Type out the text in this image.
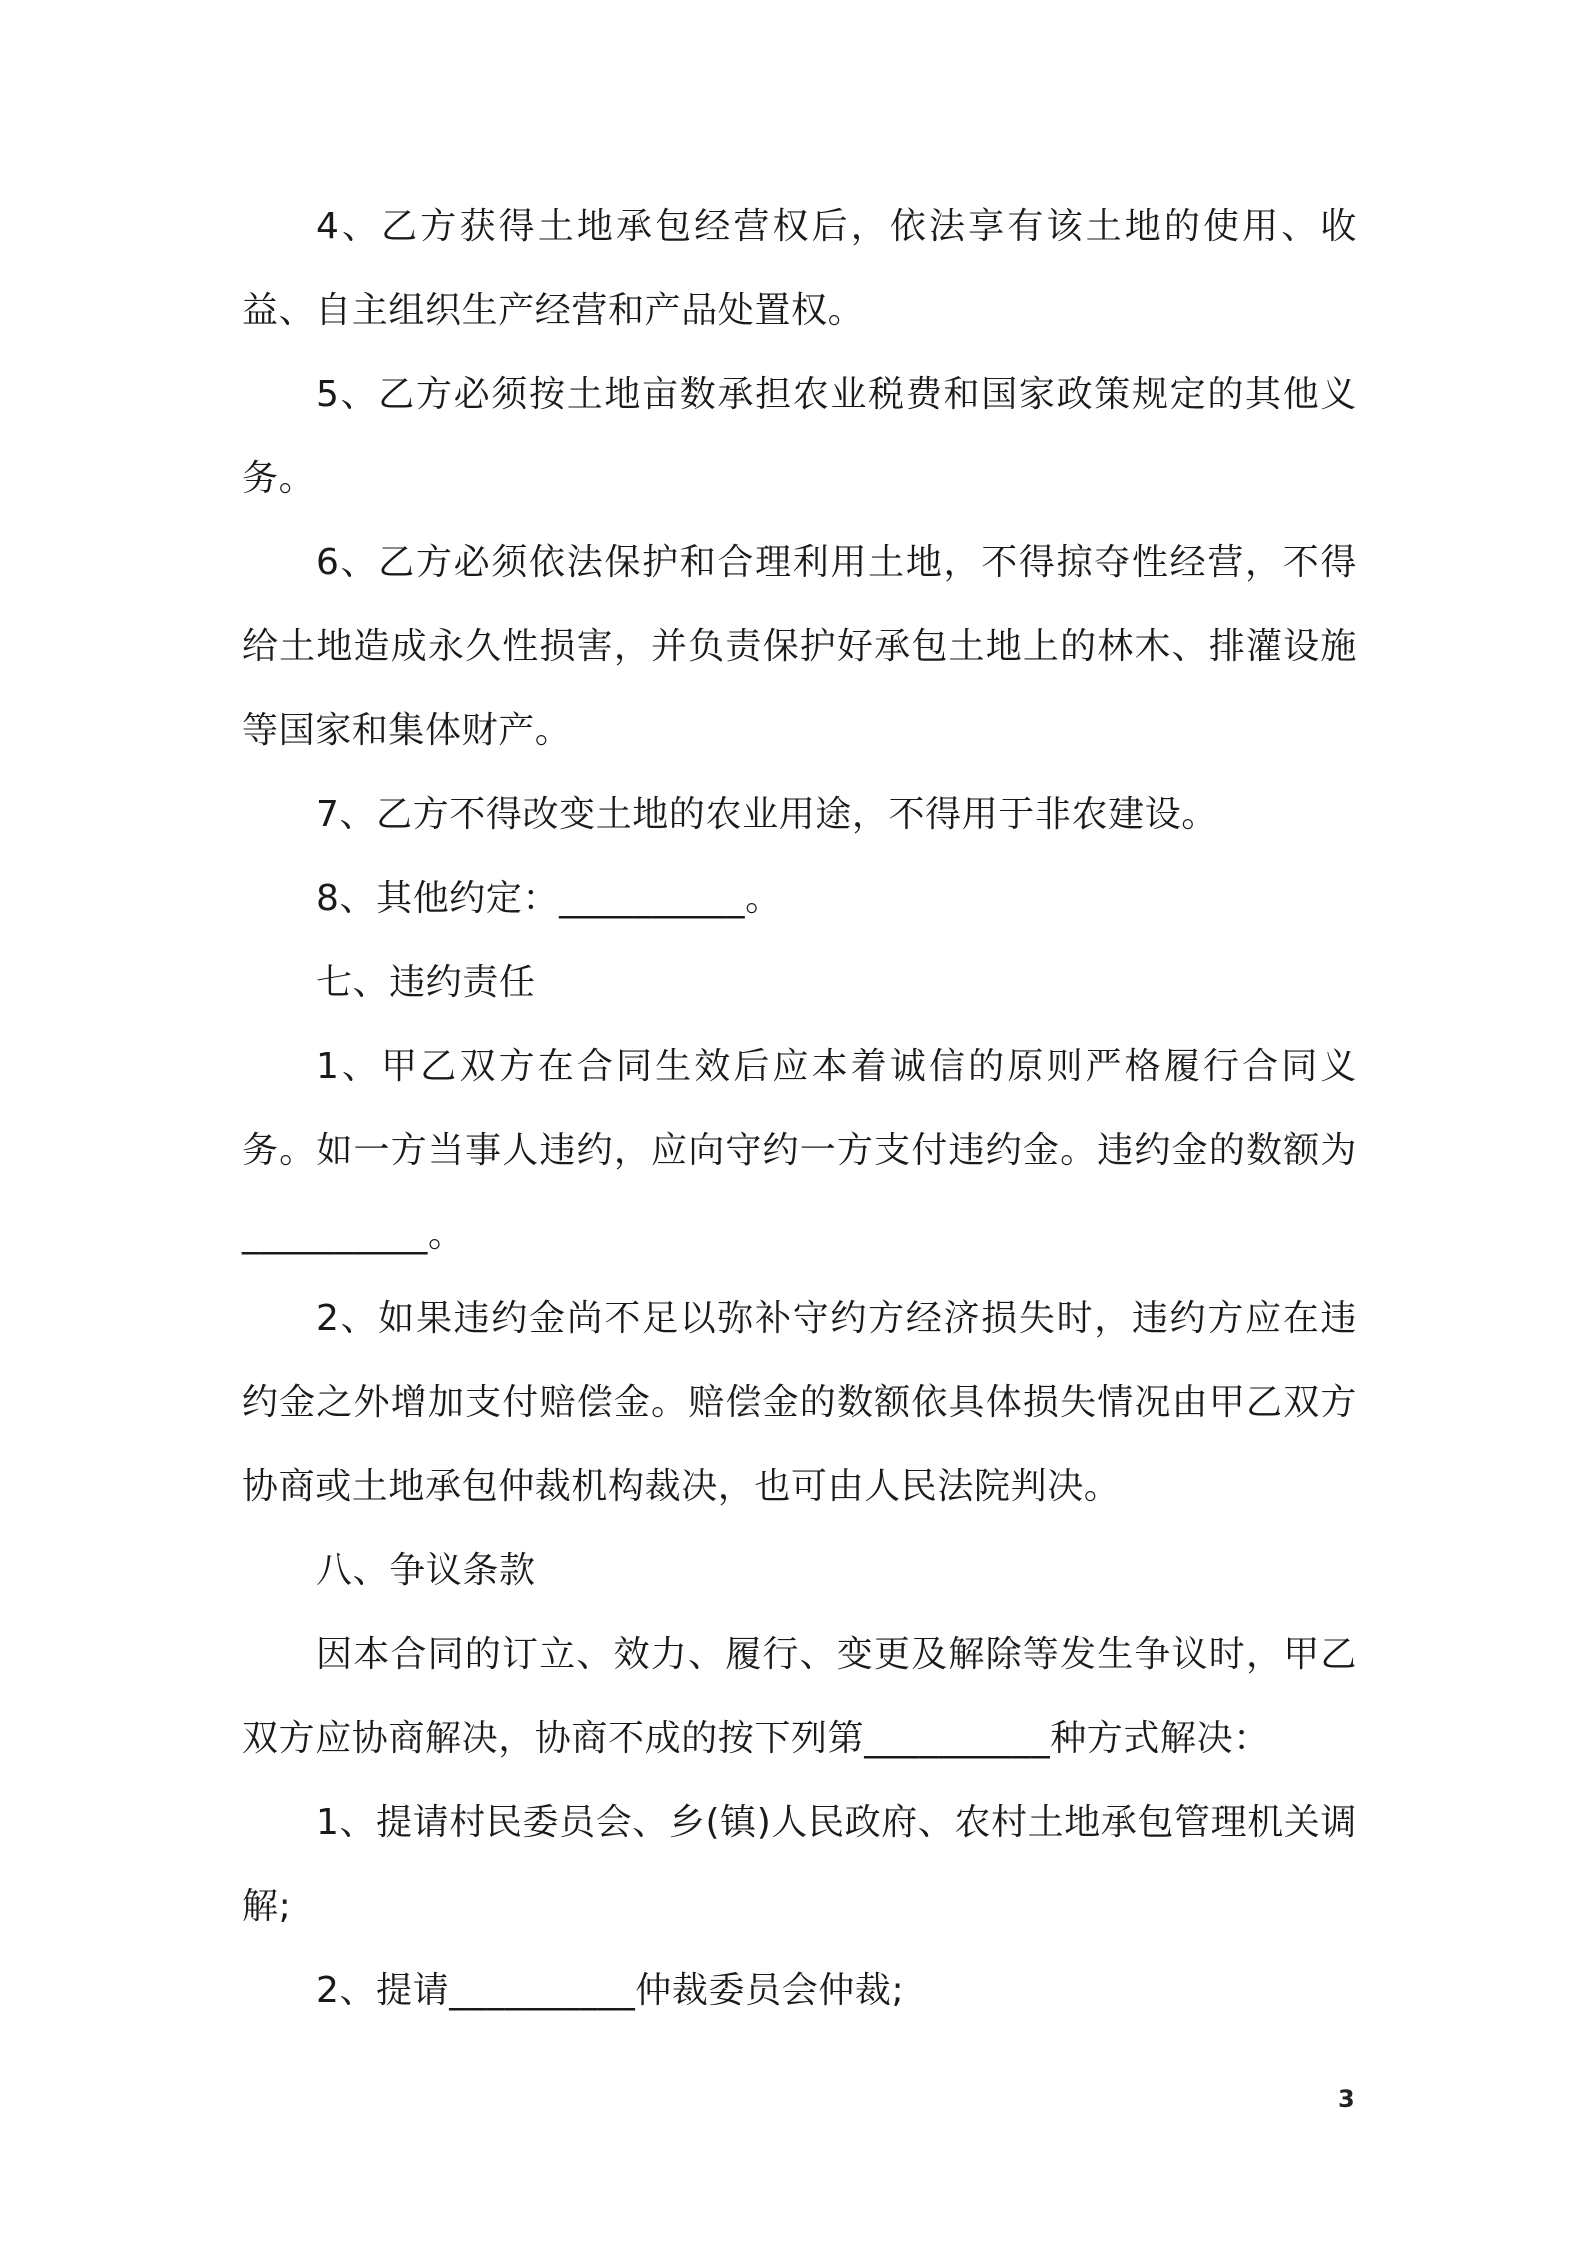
4、乙方获得土地承包经营权后，依法享有该土地的使用、收益、自主组织生产经营和产品处置权。

5、乙方必须按土地亩数承担农业税费和国家政策规定的其他义务。

6、乙方必须依法保护和合理利用土地，不得掠夺性经营，不得给土地造成永久性损害，并负责保护好承包土地上的林木、排灌设施等国家和集体财产。

7、乙方不得改变土地的农业用途，不得用于非农建设。

8、其他约定：__________。

七、违约责任

1、甲乙双方在合同生效后应本着诚信的原则严格履行合同义务。如一方当事人违约，应向守约一方支付违约金。违约金的数额为__________。

2、如果违约金尚不足以弥补守约方经济损失时，违约方应在违约金之外增加支付赔偿金。赔偿金的数额依具体损失情况由甲乙双方协商或土地承包仲裁机构裁决，也可由人民法院判决。

八、争议条款

因本合同的订立、效力、履行、变更及解除等发生争议时，甲乙双方应协商解决，协商不成的按下列第__________种方式解决：

1、提请村民委员会、乡(镇)人民政府、农村土地承包管理机关调解;

2、提请__________仲裁委员会仲裁;

3
